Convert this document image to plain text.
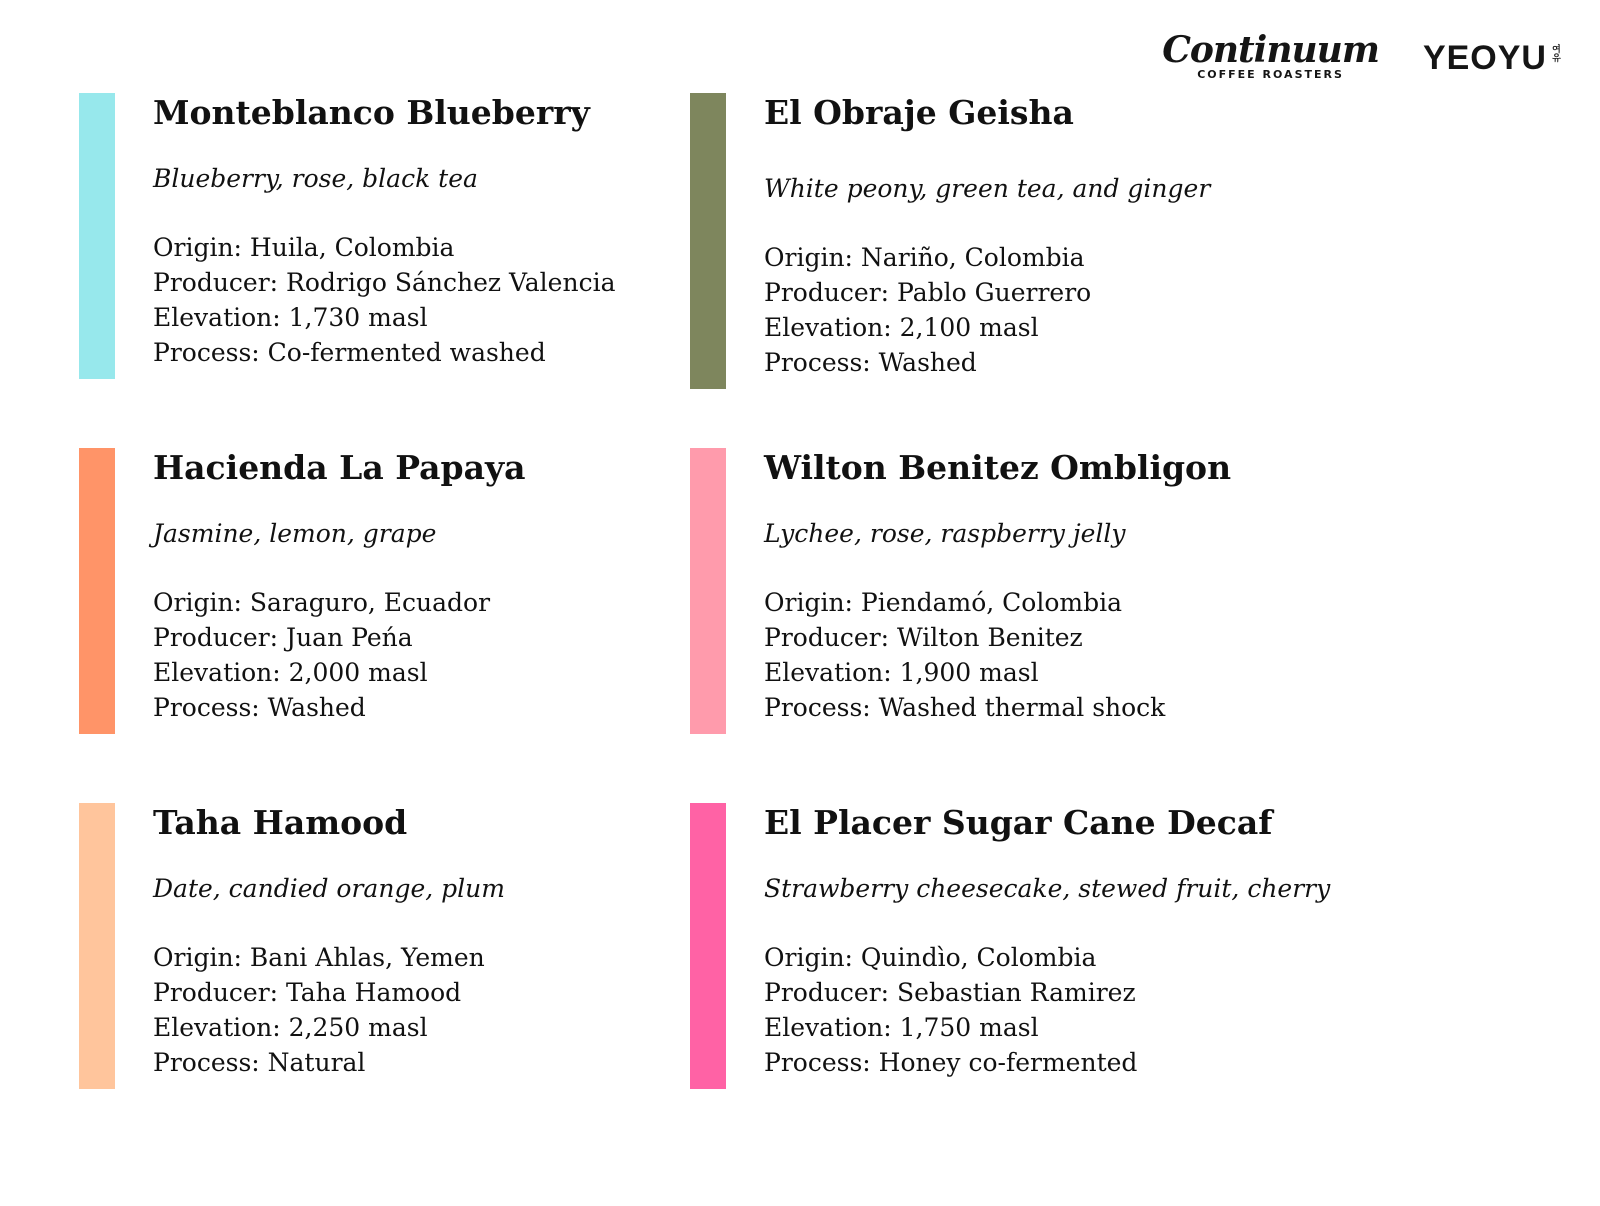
Continuum
COFFEE ROASTERS YEOYU 여유
Monteblanco Blueberry

Blueberry, rose, black tea

Origin: Huila, Colombia
Producer: Rodrigo Sánchez Valencia
Elevation: 1,730 masl
Process: Co-fermented washed
El Obraje Geisha

White peony, green tea, and ginger

Origin: Nariño, Colombia
Producer: Pablo Guerrero
Elevation: 2,100 masl
Process: Washed
Hacienda La Papaya

Jasmine, lemon, grape

Origin: Saraguro, Ecuador
Producer: Juan Peńa
Elevation: 2,000 masl
Process: Washed
Wilton Benitez Ombligon

Lychee, rose, raspberry jelly

Origin: Piendamó, Colombia
Producer: Wilton Benitez
Elevation: 1,900 masl
Process: Washed thermal shock
Taha Hamood

Date, candied orange, plum

Origin: Bani Ahlas, Yemen
Producer: Taha Hamood
Elevation: 2,250 masl
Process: Natural
El Placer Sugar Cane Decaf

Strawberry cheesecake, stewed fruit, cherry

Origin: Quindìo, Colombia
Producer: Sebastian Ramirez
Elevation: 1,750 masl
Process: Honey co-fermented
